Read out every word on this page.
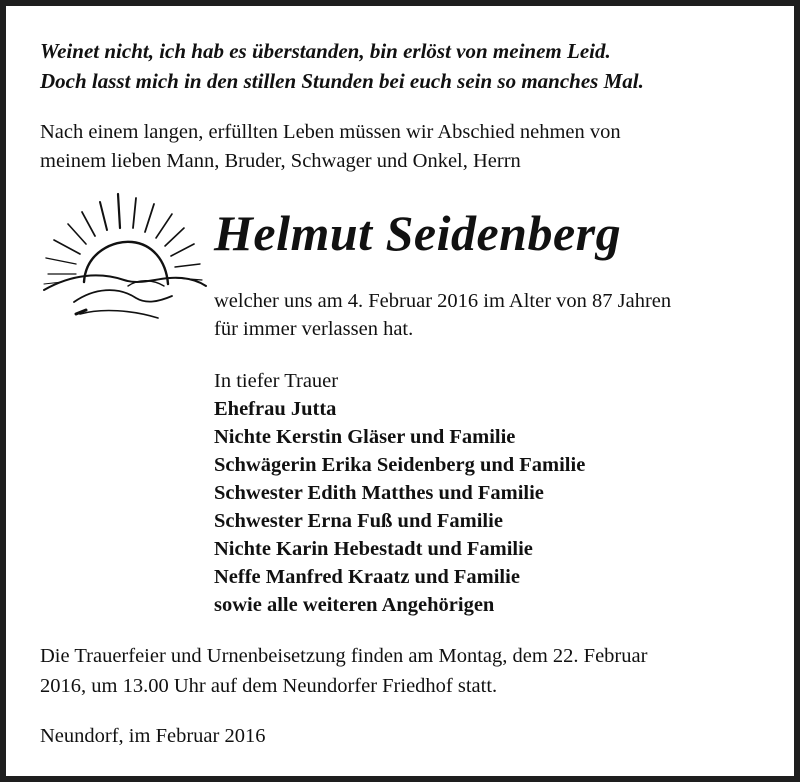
Weinet nicht, ich hab es überstanden, bin erlöst von meinem Leid.
Doch lasst mich in den stillen Stunden bei euch sein so manches Mal.
Nach einem langen, erfüllten Leben müssen wir Abschied nehmen von
meinem lieben Mann, Bruder, Schwager und Onkel, Herrn
Helmut Seidenberg
welcher uns am 4. Februar 2016 im Alter von 87 Jahren
für immer verlassen hat.
In tiefer Trauer
Ehefrau Jutta
Nichte Kerstin Gläser und Familie
Schwägerin Erika Seidenberg und Familie
Schwester Edith Matthes und Familie
Schwester Erna Fuß und Familie
Nichte Karin Hebestadt und Familie
Neffe Manfred Kraatz und Familie
sowie alle weiteren Angehörigen
Die Trauerfeier und Urnenbeisetzung finden am Montag, dem 22. Februar
2016, um 13.00 Uhr auf dem Neundorfer Friedhof statt.
Neundorf, im Februar 2016
